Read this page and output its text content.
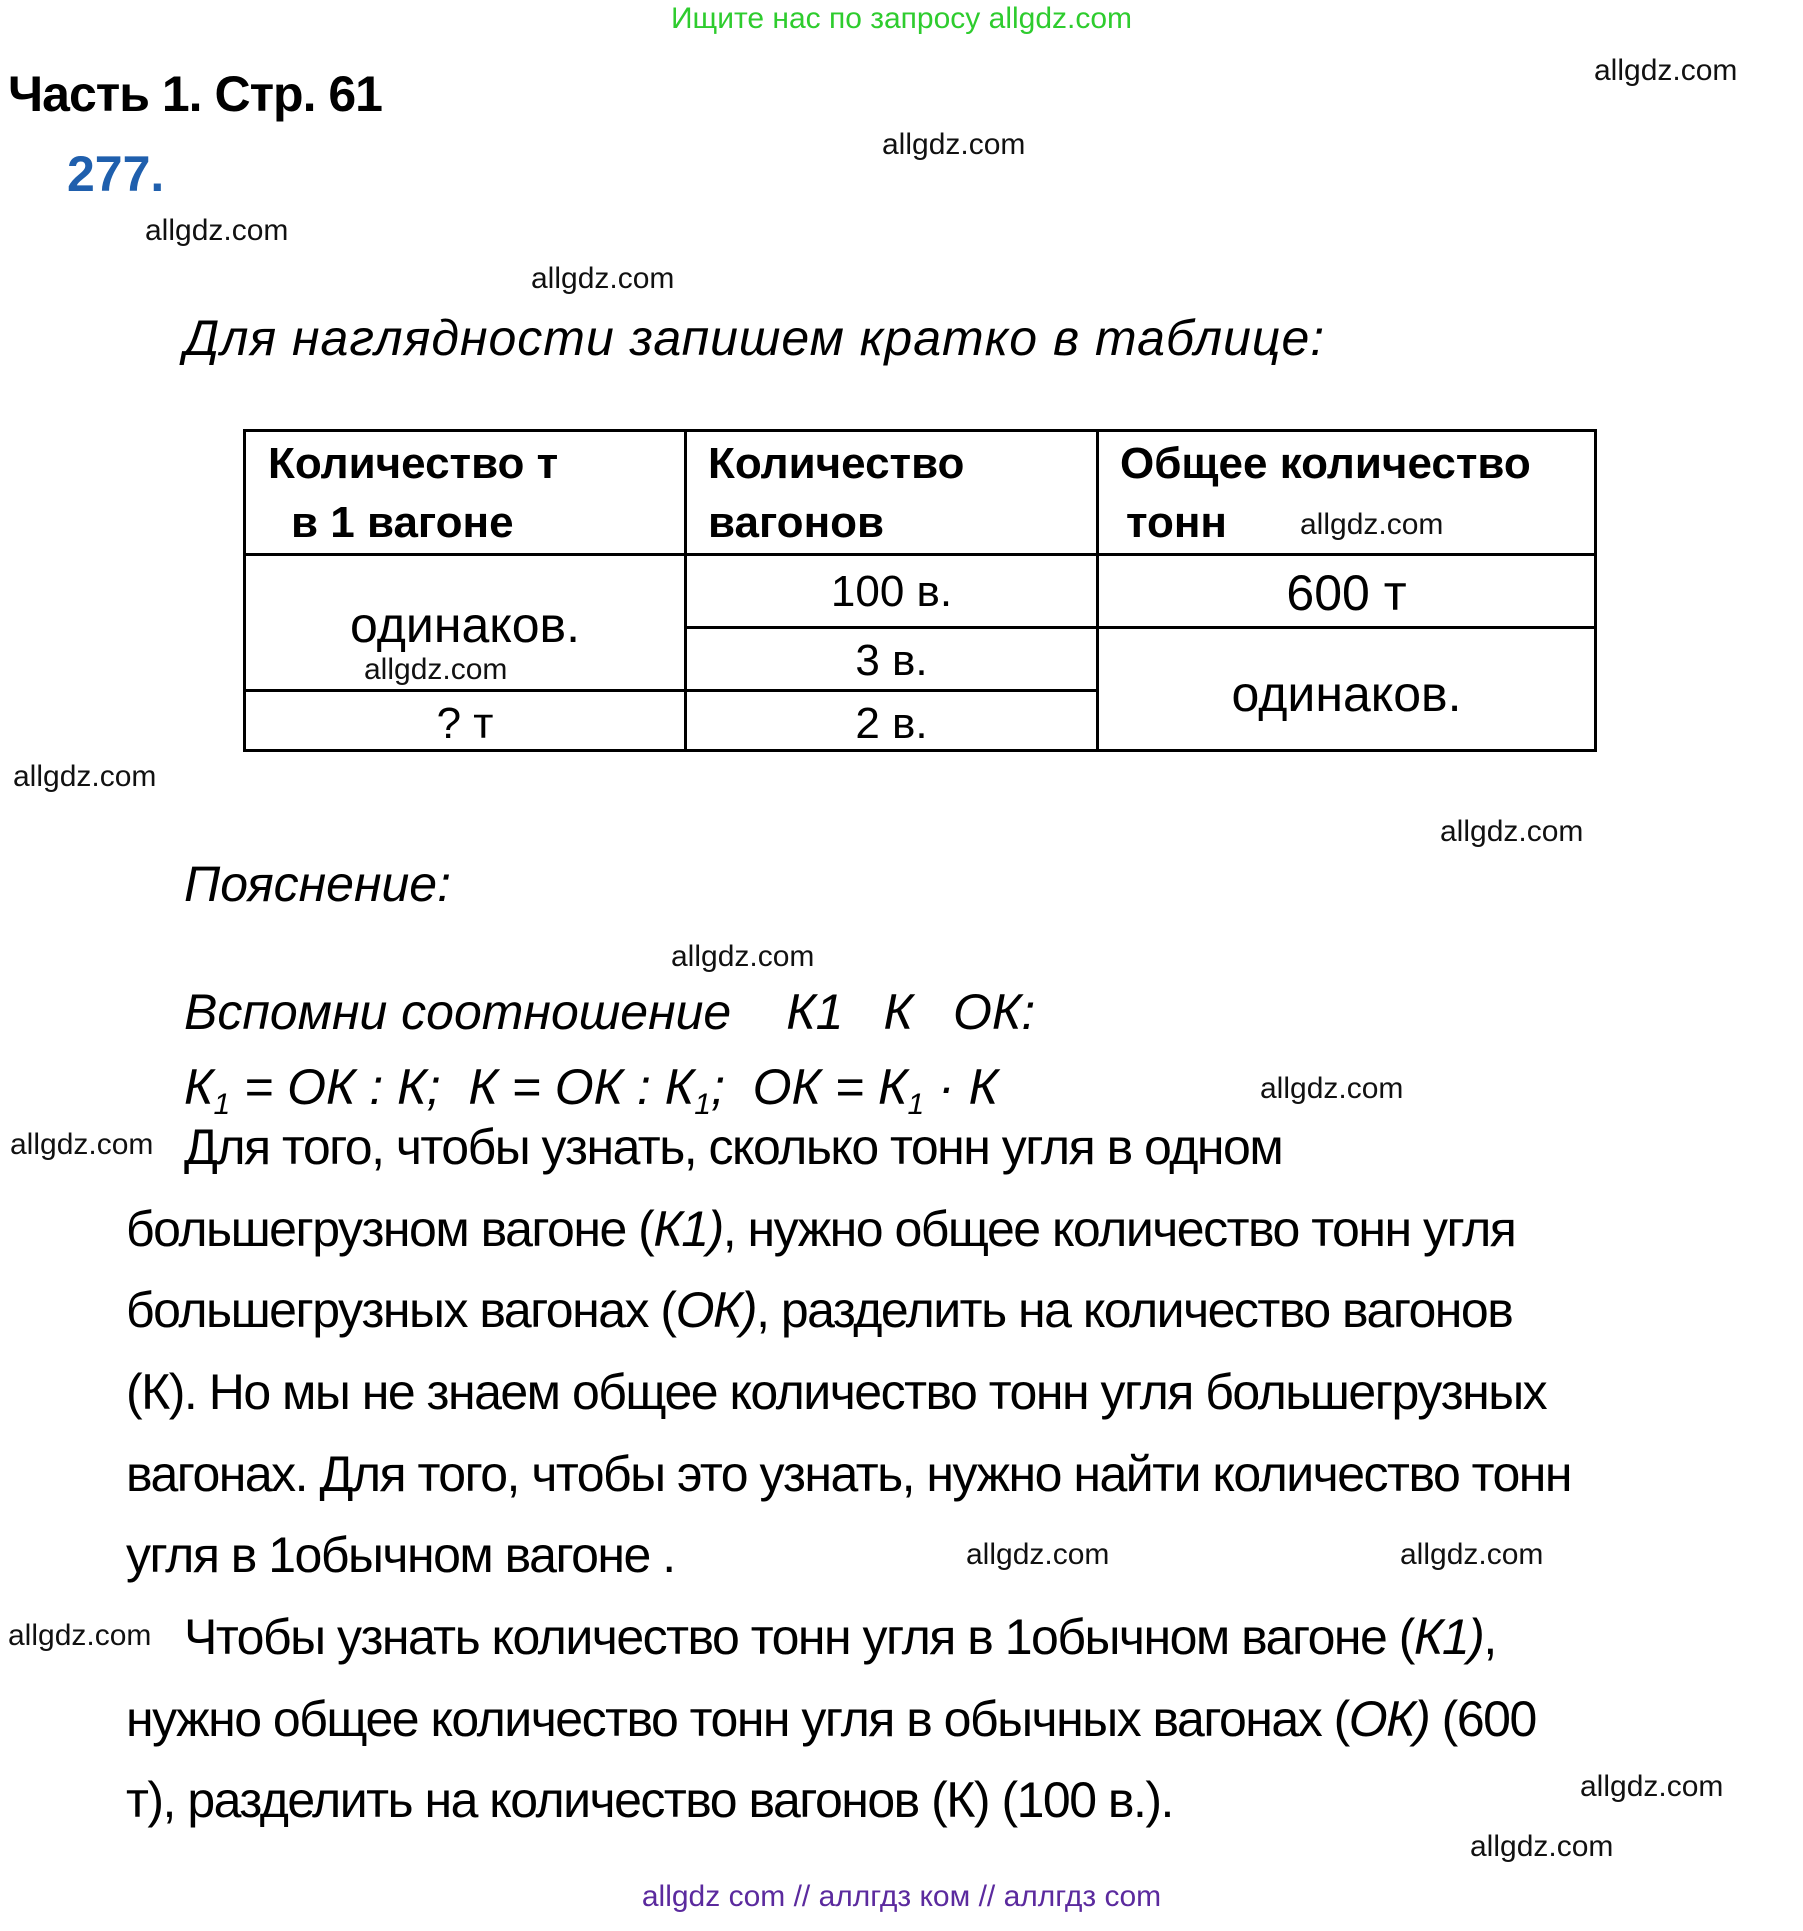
Ищите нас по запросу allgdz.com
Часть 1. Стр. 61
277.
Для наглядности запишем кратко в таблице:
Количество т
в 1 вагоне
Количество
вагонов
Общее количество
тонн
одинаков.
? т
100 в.
3 в.
2 в.
600 т
одинаков.
Пояснение:
Вспомни соотношение К1 К ОК:
$К_1$ = ОК : К;  К = ОК : $К_1$;  ОК = $К_1 \cdot К$
Для того, чтобы узнать, сколько тонн угля в одном
большегрузном вагоне (К1), нужно общее количество тонн угля
большегрузных вагонах (ОК), разделить на количество вагонов
(К). Но мы не знаем общее количество тонн угля большегрузных
вагонах. Для того, чтобы это узнать, нужно найти количество тонн
угля в 1обычном вагоне .
Чтобы узнать количество тонн угля в 1обычном вагоне (К1),
нужно общее количество тонн угля в обычных вагонах (ОК) (600
т), разделить на количество вагонов (К) (100 в.).
allgdz.com
allgdz.com
allgdz.com
allgdz.com
allgdz.com
allgdz.com
allgdz.com
allgdz.com
allgdz.com
allgdz.com
allgdz.com
allgdz.com
allgdz.com
allgdz.com
allgdz.com
allgdz.com
allgdz com // аллгдз ком // аллгдз com
